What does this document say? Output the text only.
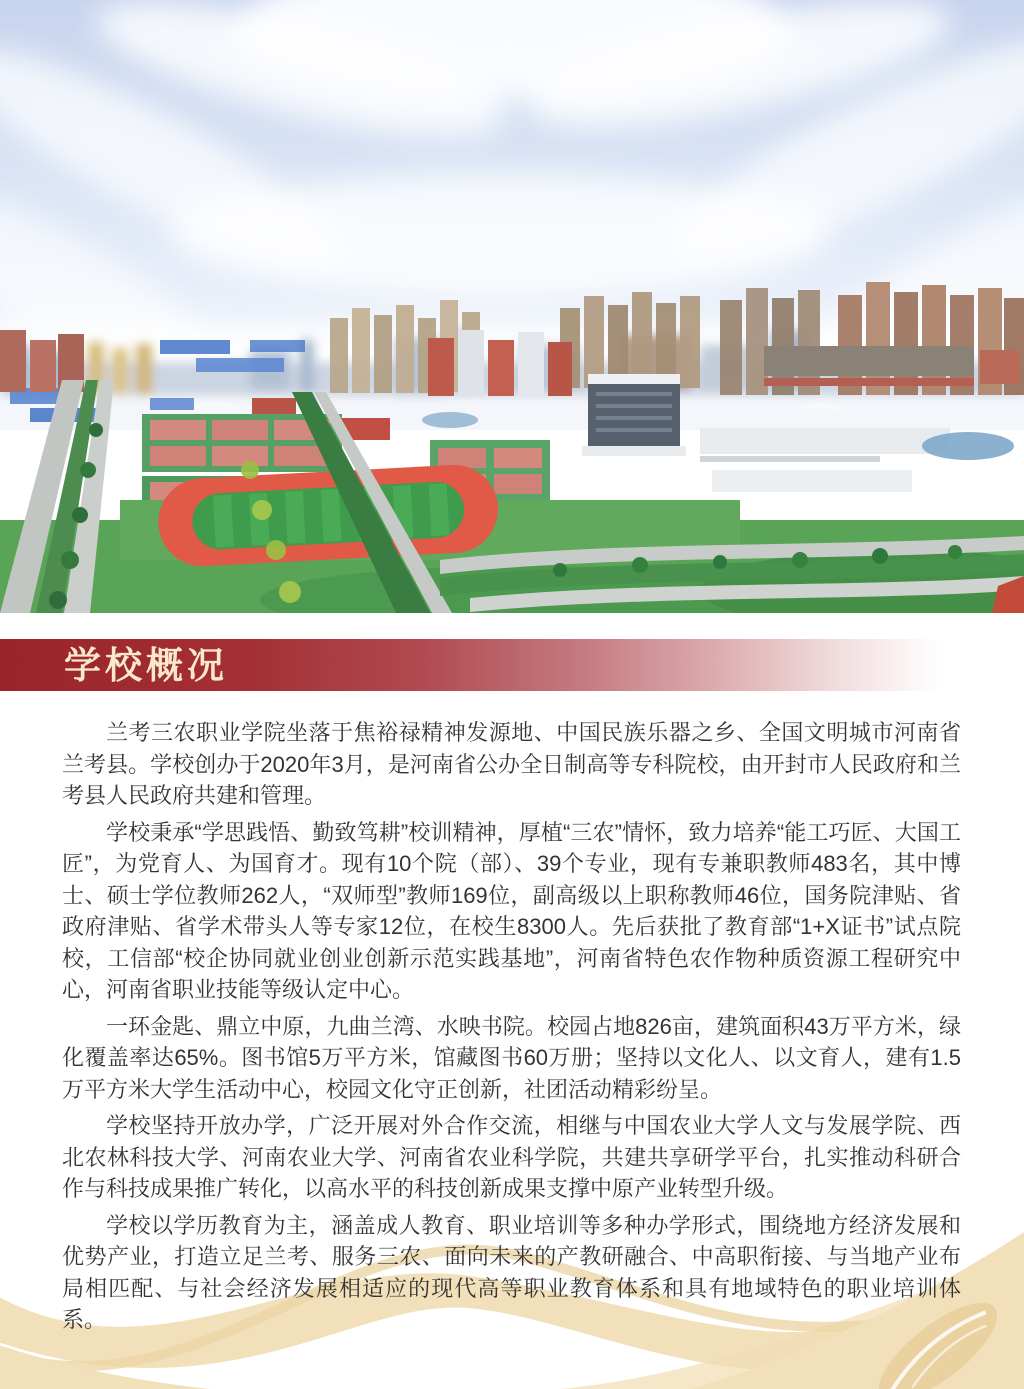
学校概况

兰考三农职业学院坐落于焦裕禄精神发源地、中国民族乐器之乡、全国文明城市河南省兰考县。学校创办于2020年3月，是河南省公办全日制高等专科院校，由开封市人民政府和兰考县人民政府共建和管理。

学校秉承“学思践悟、勤致笃耕”校训精神，厚植“三农”情怀，致力培养“能工巧匠、大国工匠”，为党育人、为国育才。现有10个院（部）、39个专业，现有专兼职教师483名，其中博士、硕士学位教师262人，“双师型”教师169位，副高级以上职称教师46位，国务院津贴、省政府津贴、省学术带头人等专家12位，在校生8300人。先后获批了教育部“1+X证书”试点院校，工信部“校企协同就业创业创新示范实践基地”，河南省特色农作物种质资源工程研究中心，河南省职业技能等级认定中心。

一环金匙、鼎立中原，九曲兰湾、水映书院。校园占地826亩，建筑面积43万平方米，绿化覆盖率达65%。图书馆5万平方米，馆藏图书60万册；坚持以文化人、以文育人，建有1.5万平方米大学生活动中心，校园文化守正创新，社团活动精彩纷呈。

学校坚持开放办学，广泛开展对外合作交流，相继与中国农业大学人文与发展学院、西北农林科技大学、河南农业大学、河南省农业科学院，共建共享研学平台，扎实推动科研合作与科技成果推广转化，以高水平的科技创新成果支撑中原产业转型升级。

学校以学历教育为主，涵盖成人教育、职业培训等多种办学形式，围绕地方经济发展和优势产业，打造立足兰考、服务三农、面向未来的产教研融合、中高职衔接、与当地产业布局相匹配、与社会经济发展相适应的现代高等职业教育体系和具有地域特色的职业培训体系。
